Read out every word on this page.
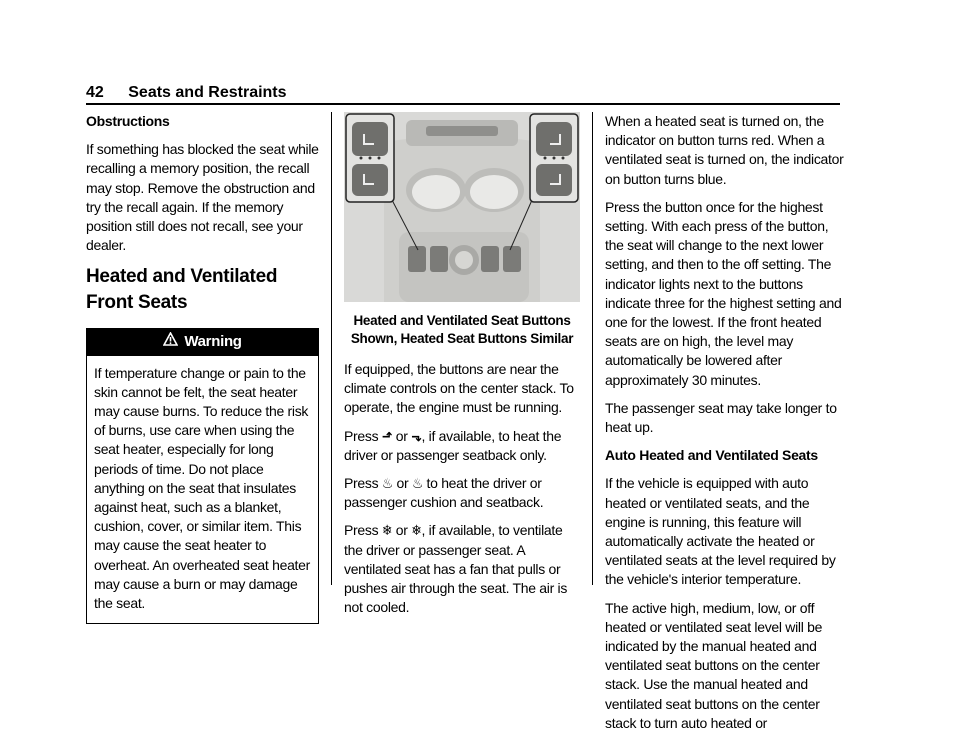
42 Seats and Restraints

Obstructions

If something has blocked the seat while recalling a memory position, the recall may stop. Remove the obstruction and try the recall again. If the memory position still does not recall, see your dealer.

Heated and Ventilated Front Seats
Warning
If temperature change or pain to the skin cannot be felt, the seat heater may cause burns. To reduce the risk of burns, use care when using the seat heater, especially for long periods of time. Do not place anything on the seat that insulates against heat, such as a blanket, cushion, cover, or similar item. This may cause the seat heater to overheat. An overheated seat heater may cause a burn or may damage the seat.

Heated and Ventilated Seat Buttons Shown, Heated Seat Buttons Similar

If equipped, the buttons are near the climate controls on the center stack. To operate, the engine must be running.

Press ⬏ or ⬎, if available, to heat the driver or passenger seatback only.

Press ♨ or ♨ to heat the driver or passenger cushion and seatback.

Press ❄ or ❄, if available, to ventilate the driver or passenger seat. A ventilated seat has a fan that pulls or pushes air through the seat. The air is not cooled.

When a heated seat is turned on, the indicator on button turns red. When a ventilated seat is turned on, the indicator on button turns blue.

Press the button once for the highest setting. With each press of the button, the seat will change to the next lower setting, and then to the off setting. The indicator lights next to the buttons indicate three for the highest setting and one for the lowest. If the front heated seats are on high, the level may automatically be lowered after approximately 30 minutes.

The passenger seat may take longer to heat up.

Auto Heated and Ventilated Seats

If the vehicle is equipped with auto heated or ventilated seats, and the engine is running, this feature will automatically activate the heated or ventilated seats at the level required by the vehicle's interior temperature.

The active high, medium, low, or off heated or ventilated seat level will be indicated by the manual heated and ventilated seat buttons on the center stack. Use the manual heated and ventilated seat buttons on the center stack to turn auto heated or
